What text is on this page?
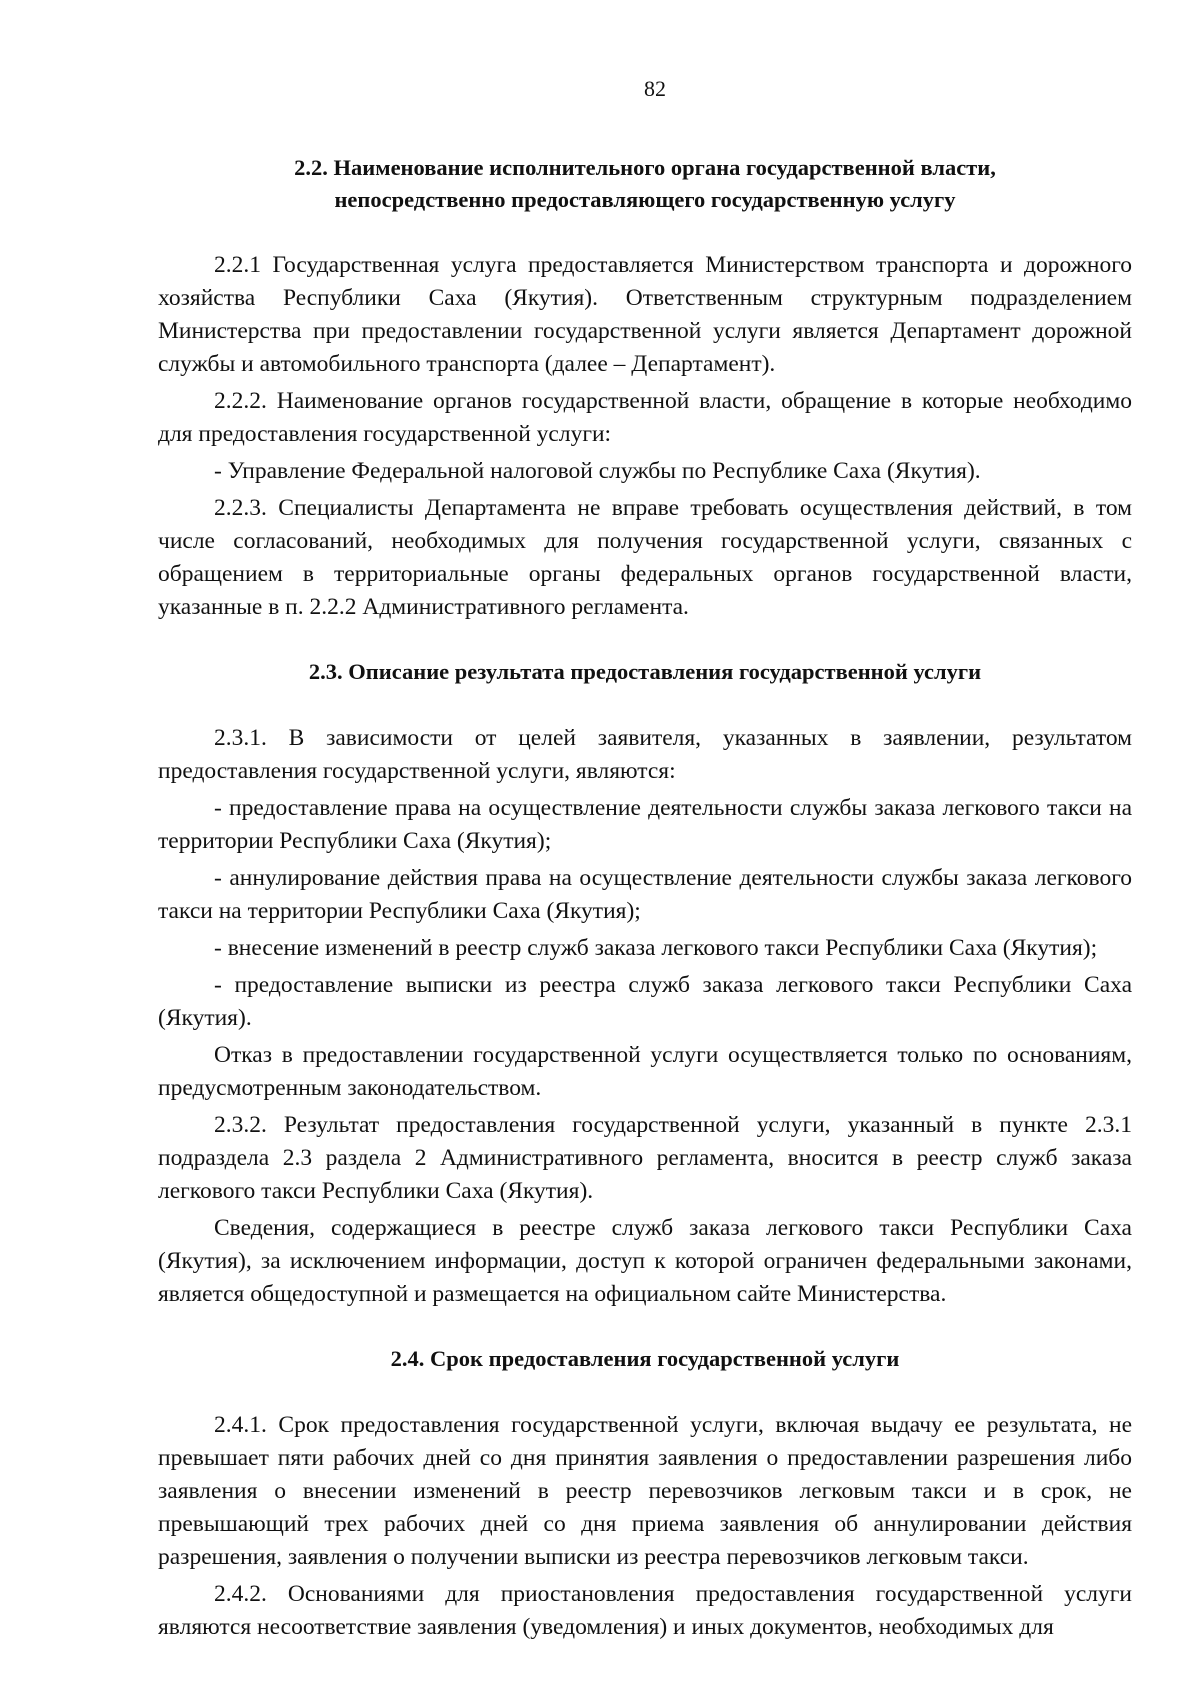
82
2.2. Наименование исполнительного органа государственной власти,
непосредственно предоставляющего государственную услугу

2.2.1 Государственная услуга предоставляется Министерством транспорта и дорожного хозяйства Республики Саха (Якутия). Ответственным структурным подразделением Министерства при предоставлении государственной услуги является Департамент дорожной службы и автомобильного транспорта (далее – Департамент).

2.2.2. Наименование органов государственной власти, обращение в которые необходимо для предоставления государственной услуги:

- Управление Федеральной налоговой службы по Республике Саха (Якутия).

2.2.3. Специалисты Департамента не вправе требовать осуществления действий, в том числе согласований, необходимых для получения государственной услуги, связанных с обращением в территориальные органы федеральных органов государственной власти, указанные в п. 2.2.2 Административного регламента.

2.3. Описание результата предоставления государственной услуги

2.3.1. В зависимости от целей заявителя, указанных в заявлении, результатом предоставления государственной услуги, являются:

- предоставление права на осуществление деятельности службы заказа легкового такси на территории Республики Саха (Якутия);

- аннулирование действия права на осуществление деятельности службы заказа легкового такси на территории Республики Саха (Якутия);

- внесение изменений в реестр служб заказа легкового такси Республики Саха (Якутия);

- предоставление выписки из реестра служб заказа легкового такси Республики Саха (Якутия).

Отказ в предоставлении государственной услуги осуществляется только по основаниям, предусмотренным законодательством.

2.3.2. Результат предоставления государственной услуги, указанный в пункте 2.3.1 подраздела 2.3 раздела 2 Административного регламента, вносится в реестр служб заказа легкового такси Республики Саха (Якутия).

Сведения, содержащиеся в реестре служб заказа легкового такси Республики Саха (Якутия), за исключением информации, доступ к которой ограничен федеральными законами, является общедоступной и размещается на официальном сайте Министерства.

2.4. Срок предоставления государственной услуги

2.4.1. Срок предоставления государственной услуги, включая выдачу ее результата, не превышает пяти рабочих дней со дня принятия заявления о предоставлении разрешения либо заявления о внесении изменений в реестр перевозчиков легковым такси и в срок, не превышающий трех рабочих дней со дня приема заявления об аннулировании действия разрешения, заявления о получении выписки из реестра перевозчиков легковым такси.

2.4.2. Основаниями для приостановления предоставления государственной услуги являются несоответствие заявления (уведомления) и иных документов, необходимых для
